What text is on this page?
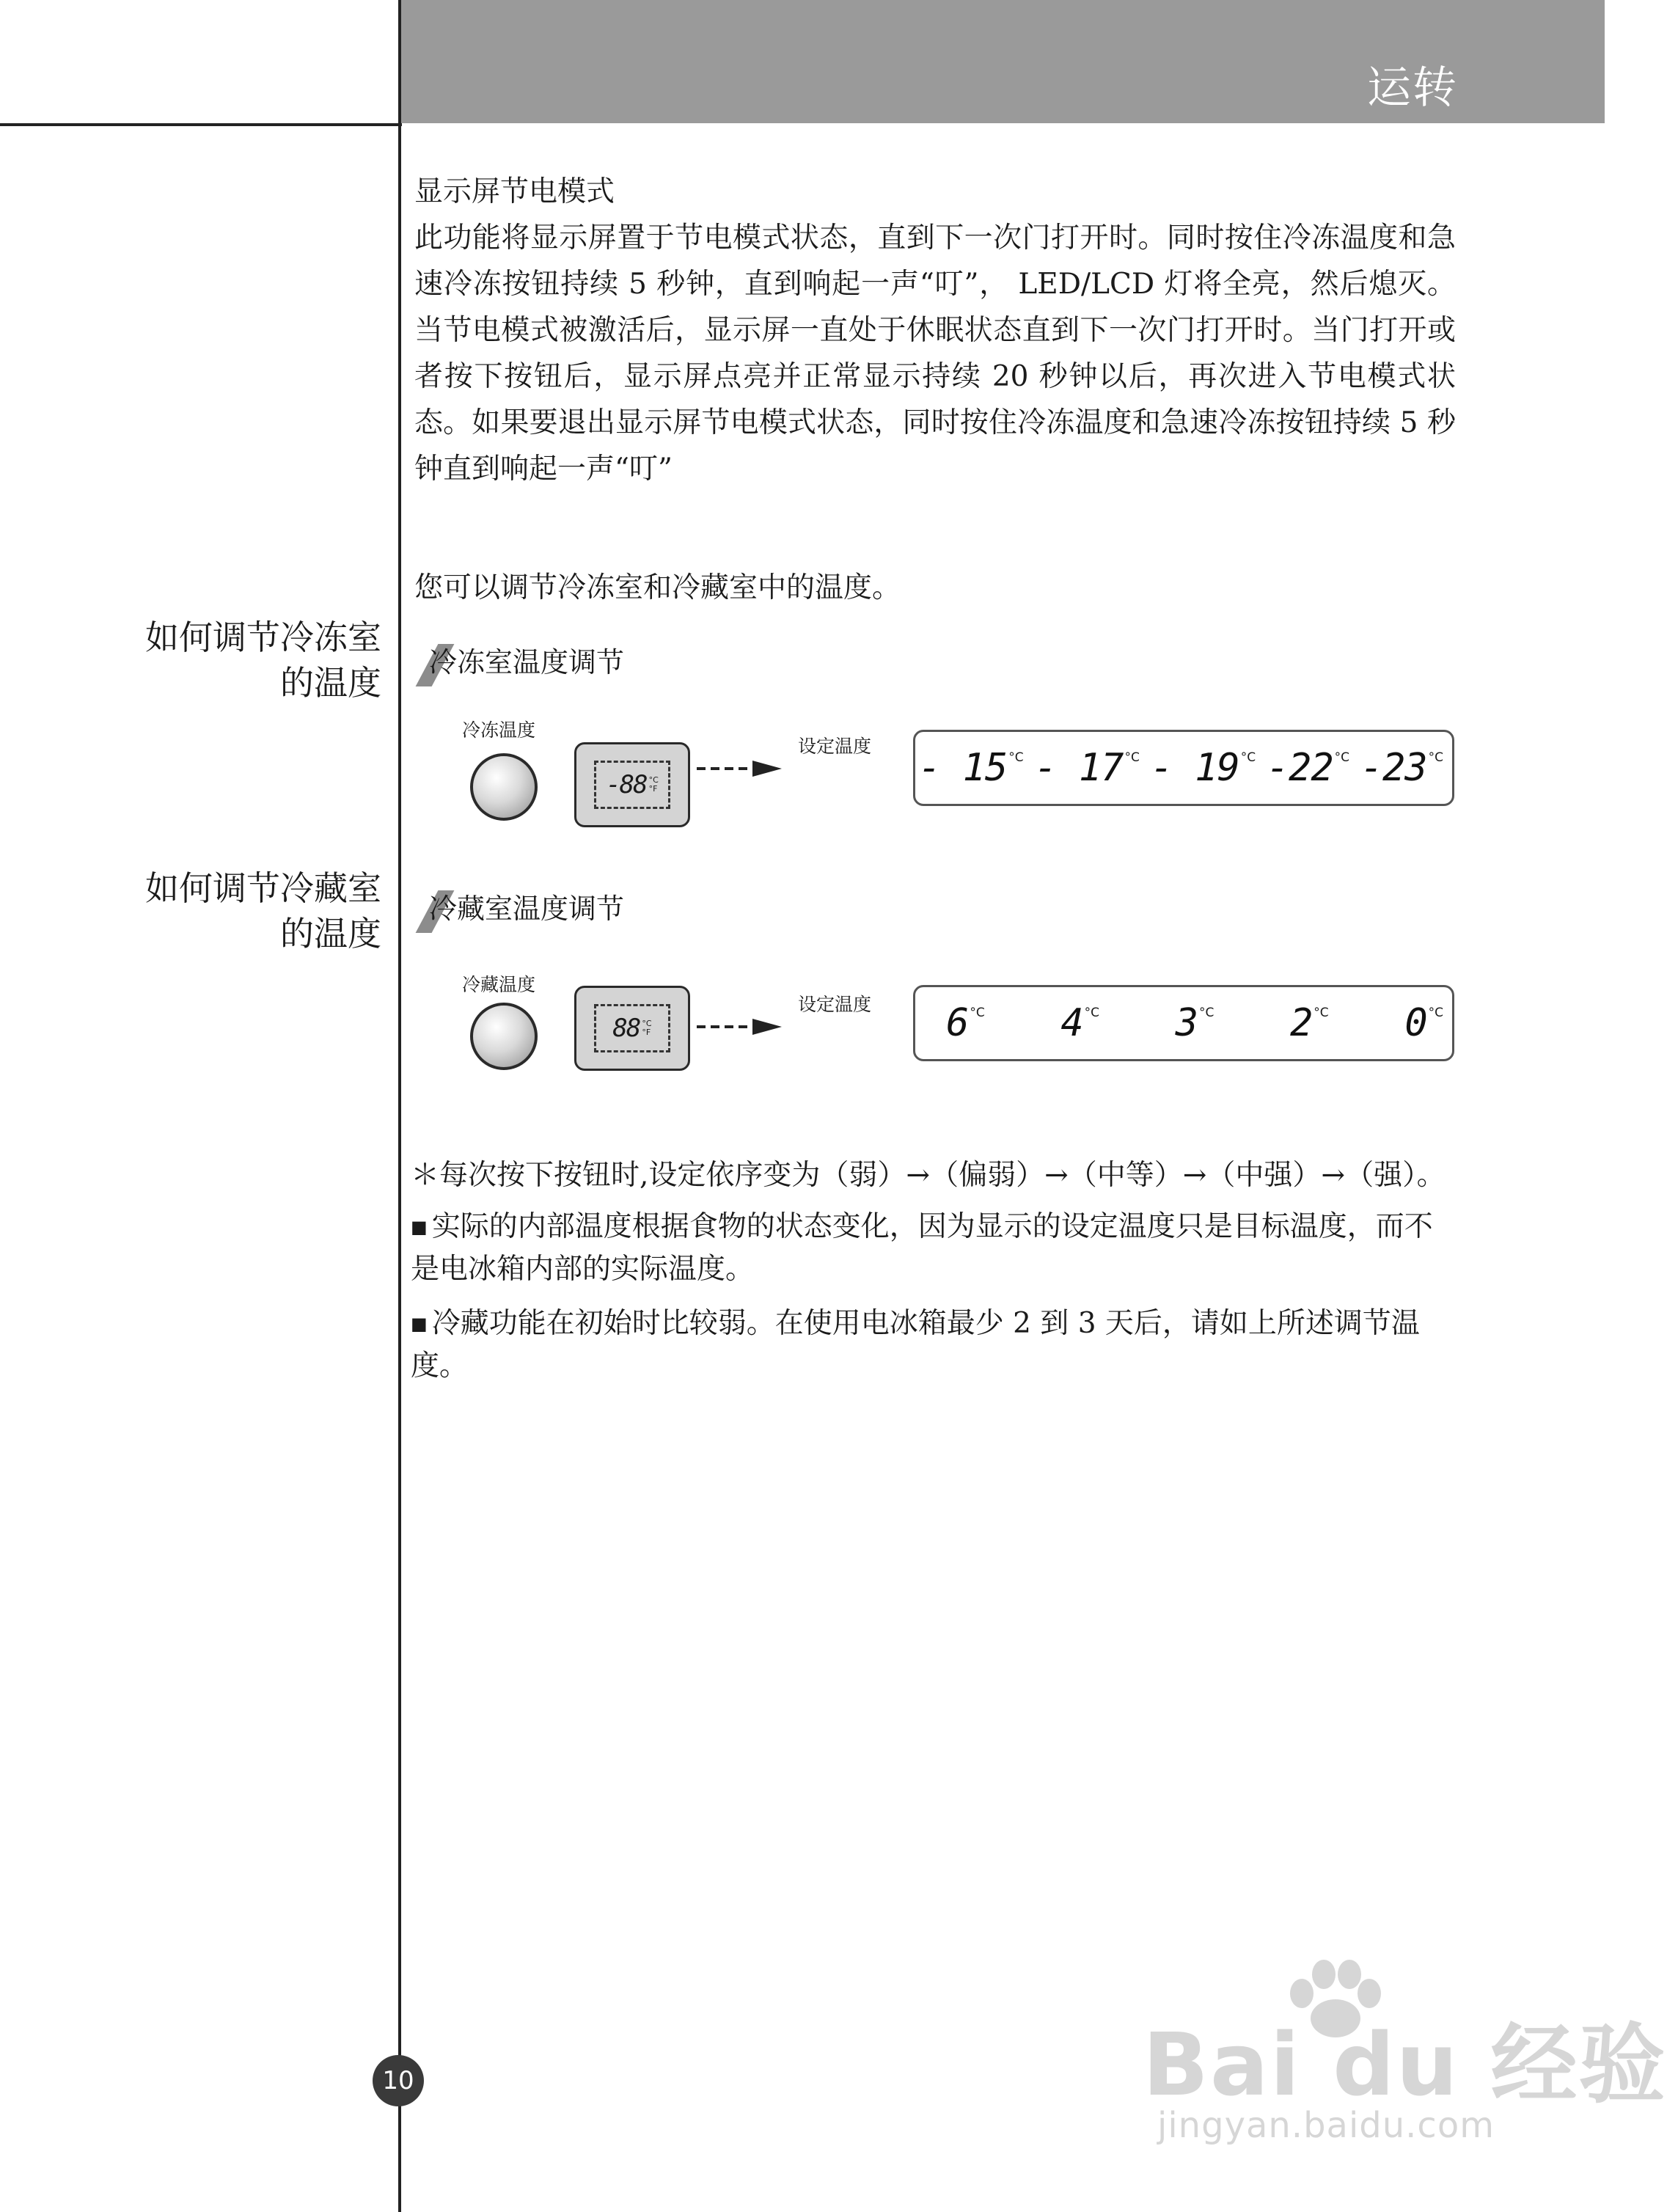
运转

显示屏节电模式

此功能将显示屏置于节电模式状态，直到下一次门打开时。同时按住冷冻温度和急速冷冻按钮持续 5 秒钟，直到响起一声“叮”， LED/LCD 灯将全亮，然后熄灭。当节电模式被激活后，显示屏一直处于休眠状态直到下一次门打开时。当门打开或者按下按钮后，显示屏点亮并正常显示持续 20 秒钟以后，再次进入节电模式状态。如果要退出显示屏节电模式状态，同时按住冷冻温度和急速冷冻按钮持续 5 秒钟直到响起一声“叮”

您可以调节冷冻室和冷藏室中的温度。

如何调节冷冻室
的温度
如何调节冷藏室
的温度
冷冻室温度调节
冷冻温度
-88 °C
°F
设定温度 - 15 °C - 17 °C - 19 °C -22 °C -23 °C
冷藏室温度调节
冷藏温度
88 °C
°F
设定温度 6 °C 4 °C 3 °C 2 °C 0 °C

＊每次按下按钮时,设定依序变为（弱）→（偏弱）→（中等）→（中强）→（强）。

■ 实际的内部温度根据食物的状态变化，因为显示的设定温度只是目标温度，而不是电冰箱内部的实际温度。

■ 冷藏功能在初始时比较弱。在使用电冰箱最少 2 到 3 天后，请如上所述调节温度。

10	Bai du 经验
jingyan.baidu.com
